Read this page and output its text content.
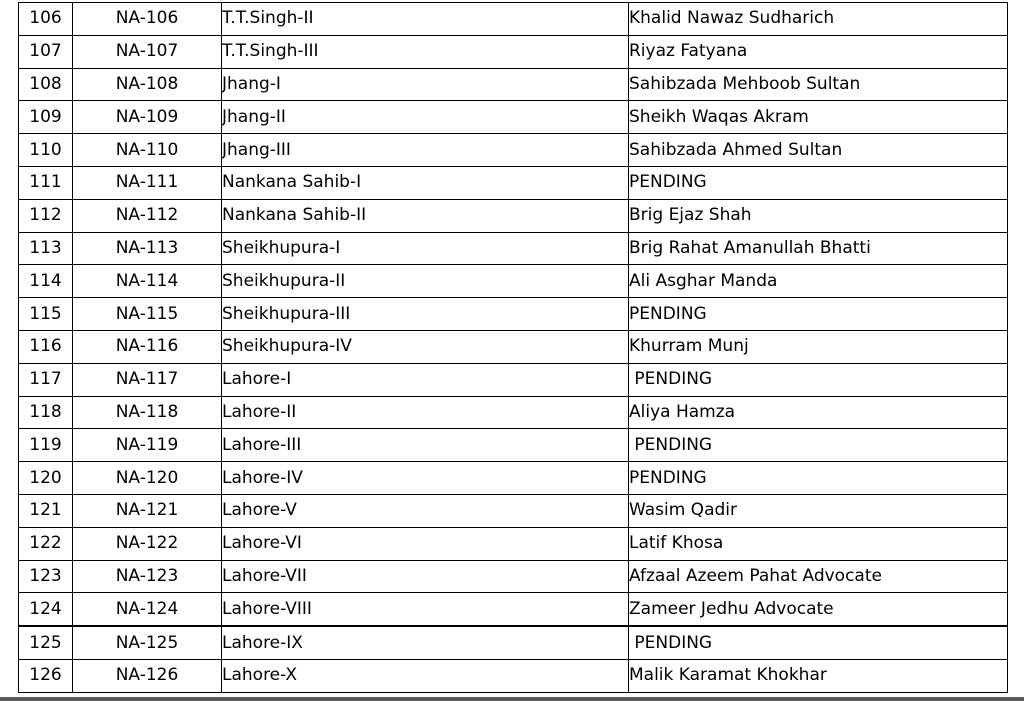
106	NA-106	T.T.Singh-II	Khalid Nawaz Sudharich
107	NA-107	T.T.Singh-III	Riyaz Fatyana
108	NA-108	Jhang-I	Sahibzada Mehboob Sultan
109	NA-109	Jhang-II	Sheikh Waqas Akram
110	NA-110	Jhang-III	Sahibzada Ahmed Sultan
111	NA-111	Nankana Sahib-I	PENDING
112	NA-112	Nankana Sahib-II	Brig Ejaz Shah
113	NA-113	Sheikhupura-I	Brig Rahat Amanullah Bhatti
114	NA-114	Sheikhupura-II	Ali Asghar Manda
115	NA-115	Sheikhupura-III	PENDING
116	NA-116	Sheikhupura-IV	Khurram Munj
117	NA-117	Lahore-I	PENDING
118	NA-118	Lahore-II	Aliya Hamza
119	NA-119	Lahore-III	PENDING
120	NA-120	Lahore-IV	PENDING
121	NA-121	Lahore-V	Wasim Qadir
122	NA-122	Lahore-VI	Latif Khosa
123	NA-123	Lahore-VII	Afzaal Azeem Pahat Advocate
124	NA-124	Lahore-VIII	Zameer Jedhu Advocate
125	NA-125	Lahore-IX	PENDING
126	NA-126	Lahore-X	Malik Karamat Khokhar
